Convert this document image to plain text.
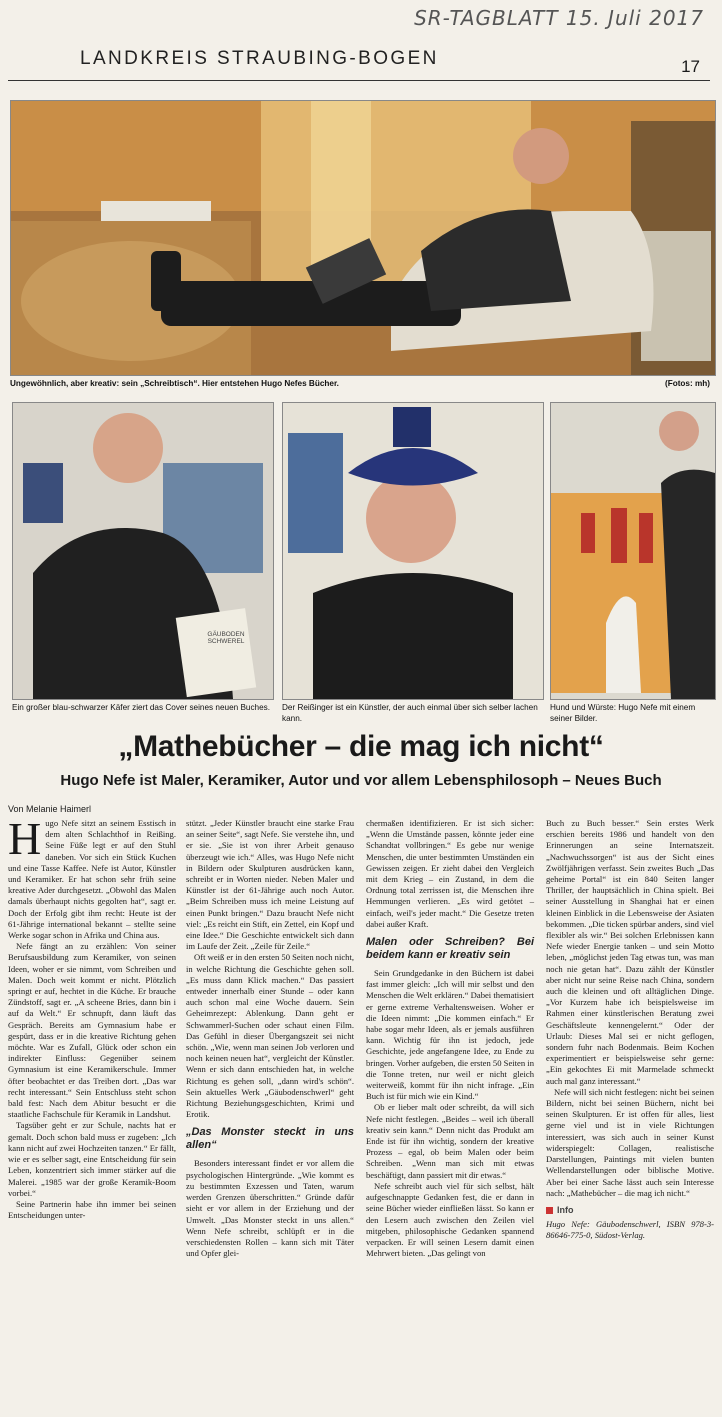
SR-TAGBLATT 15. Juli 2017
LANDKREIS STRAUBING-BOGEN	17
Ungewöhnlich, aber kreativ: sein „Schreibtisch“. Hier entstehen Hugo Nefes Bücher.	(Fotos: mh)
GÄUBODEN SCHWEREL
Ein großer blau-schwarzer Käfer ziert das Cover seines neuen Buches.	Der Reißinger ist ein Künstler, der auch einmal über sich selber lachen kann.
Hund und Würste: Hugo Nefe mit einem seiner Bilder.
„Mathebücher – die mag ich nicht“
Hugo Nefe ist Maler, Keramiker, Autor und vor allem Lebensphilosoph – Neues Buch
Von Melanie Haimerl

Hugo Nefe sitzt an seinem Esstisch in dem alten Schlachthof in Reißing. Seine Füße legt er auf den Stuhl daneben. Vor sich ein Stück Kuchen und eine Tasse Kaffee. Nefe ist Autor, Künstler und Keramiker. Er hat schon sehr früh seine kreative Ader durchgesetzt. „Obwohl das Malen damals überhaupt nichts gegolten hat“, sagt er. Doch der Erfolg gibt ihm recht: Heute ist der 61-Jährige international bekannt – stellte seine Werke sogar schon in Afrika und China aus.

Nefe fängt an zu erzählen: Von seiner Berufsausbildung zum Keramiker, von seinen Ideen, woher er sie nimmt, vom Schreiben und Malen. Doch weit kommt er nicht. Plötzlich springt er auf, hechtet in die Küche. Er brauche Zündstoff, sagt er. „A scheene Bries, dann bin i auf da Welt.“ Er schnupft, dann läuft das Gespräch. Bereits am Gymnasium habe er gespürt, dass er in die kreative Richtung gehen möchte. War es Zufall, Glück oder schon ein indirekter Einfluss: Gegenüber seinem Gymnasium ist eine Keramikerschule. Immer öfter beobachtet er das Treiben dort. „Das war recht interessant.“ Sein Entschluss steht schon bald fest: Nach dem Abitur besucht er die staatliche Fachschule für Keramik in Landshut.

Tagsüber geht er zur Schule, nachts hat er gemalt. Doch schon bald muss er zugeben: „Ich kann nicht auf zwei Hochzeiten tanzen.“ Er fällt, wie er es selber sagt, eine Entscheidung für sein Leben, konzentriert sich immer stärker auf die Malerei. „1985 war der große Keramik-Boom vorbei.“

Seine Partnerin habe ihn immer bei seinen Entscheidungen unter-

stützt. „Jeder Künstler braucht eine starke Frau an seiner Seite“, sagt Nefe. Sie verstehe ihn, und er sie. „Sie ist von ihrer Arbeit genauso überzeugt wie ich.“ Alles, was Hugo Nefe nicht in Bildern oder Skulpturen ausdrücken kann, schreibt er in Worten nieder. Neben Maler und Künstler ist der 61-Jährige auch noch Autor. „Beim Schreiben muss ich meine Leistung auf einen Punkt bringen.“ Dazu braucht Nefe nicht viel: „Es reicht ein Stift, ein Zettel, ein Kopf und eine Idee.“ Die Geschichte entwickelt sich dann im Laufe der Zeit. „Zeile für Zeile.“

Oft weiß er in den ersten 50 Seiten noch nicht, in welche Richtung die Geschichte gehen soll. „Es muss dann Klick machen.“ Das passiert entweder innerhalb einer Stunde – oder kann auch schon mal eine Woche dauern. Sein Geheimrezept: Ablenkung. Dann geht er Schwammerl-Suchen oder schaut einen Film. Das Gefühl in dieser Übergangszeit sei nicht schön. „Wie, wenn man seinen Job verloren und noch keinen neuen hat“, vergleicht der Künstler. Wenn er sich dann entschieden hat, in welche Richtung es gehen soll, „dann wird's schön“. Sein aktuelles Werk „Gäubodenschwerl“ geht Richtung Beziehungsgeschichten, Krimi und Erotik.

„Das Monster steckt in uns allen“

Besonders interessant findet er vor allem die psychologischen Hintergründe. „Wie kommt es zu bestimmten Exzessen und Taten, warum werden Grenzen überschritten.“ Gründe dafür sieht er vor allem in der Erziehung und der Umwelt. „Das Monster steckt in uns allen.“ Wenn Nefe schreibt, schlüpft er in die verschiedensten Rollen – kann sich mit Täter und Opfer glei-

chermaßen identifizieren. Er ist sich sicher: „Wenn die Umstände passen, könnte jeder eine Schandtat vollbringen.“ Es gebe nur wenige Menschen, die unter bestimmten Umständen ein Gewissen zeigen. Er zieht dabei den Vergleich mit dem Krieg – ein Zustand, in dem die Ordnung total zerrissen ist, die Menschen ihre Hemmungen verlieren. „Es wird getötet – einfach, weil's jeder macht.“ Die Gesetze treten dabei außer Kraft.

Malen oder Schreiben? Bei beidem kann er kreativ sein

Sein Grundgedanke in den Büchern ist dabei fast immer gleich: „Ich will mir selbst und den Menschen die Welt erklären.“ Dabei thematisiert er gerne extreme Verhaltensweisen. Woher er die Ideen nimmt: „Die kommen einfach.“ Er habe sogar mehr Ideen, als er jemals ausführen kann. Wichtig für ihn ist jedoch, jede Geschichte, jede angefangene Idee, zu Ende zu bringen. Vorher aufgeben, die ersten 50 Seiten in die Tonne treten, nur weil er nicht gleich weiterweiß, kommt für ihn nicht infrage. „Ein Buch ist für mich wie ein Kind.“

Ob er lieber malt oder schreibt, da will sich Nefe nicht festlegen. „Beides – weil ich überall kreativ sein kann.“ Denn nicht das Produkt am Ende ist für ihn wichtig, sondern der kreative Prozess – egal, ob beim Malen oder beim Schreiben. „Wenn man sich mit etwas beschäftigt, dann passiert mit dir etwas.“

Nefe schreibt auch viel für sich selbst, hält aufgeschnappte Gedanken fest, die er dann in seine Bücher wieder einfließen lässt. So kann er den Lesern auch zwischen den Zeilen viel mitgeben, philosophische Gedanken spannend verpacken. Er will seinen Lesern damit einen Mehrwert bieten. „Das gelingt von

Buch zu Buch besser.“ Sein erstes Werk erschien bereits 1986 und handelt von den Erinnerungen an seine Internatszeit. „Nachwuchssorgen“ ist aus der Sicht eines Zwölfjährigen verfasst. Sein zweites Buch „Das geheime Portal“ ist ein 840 Seiten langer Thriller, der hauptsächlich in China spielt. Bei seiner Ausstellung in Shanghai hat er einen kleinen Einblick in die Lebensweise der Asiaten bekommen. „Die ticken spürbar anders, sind viel flexibler als wir.“ Bei solchen Erlebnissen kann Nefe wieder Energie tanken – und sein Motto leben, „möglichst jeden Tag etwas tun, was man noch nie getan hat“. Dazu zählt der Künstler aber nicht nur seine Reise nach China, sondern auch die kleinen und oft alltäglichen Dinge. „Vor Kurzem habe ich beispielsweise im Rahmen einer künstlerischen Beratung zwei Geschäftsleute kennengelernt.“ Oder der Urlaub: Dieses Mal sei er nicht geflogen, sondern fuhr nach Bodenmais. Beim Kochen experimentiert er beispielsweise sehr gerne: „Ein gekochtes Ei mit Marmelade schmeckt auch mal ganz interessant.“

Nefe will sich nicht festlegen: nicht bei seinen Bildern, nicht bei seinen Büchern, nicht bei seinen Skulpturen. Er ist offen für alles, liest gerne viel und ist in viele Richtungen interessiert, was sich auch in seiner Kunst widerspiegelt: Collagen, realistische Darstellungen, Paintings mit vielen bunten Wellendarstellungen oder biblische Motive. Aber bei einer Sache lässt auch sein Interesse nach: „Mathebücher – die mag ich nicht.“

Info
Hugo Nefe: Gäubodenschwerl, ISBN 978-3-86646-775-0, Südost-Verlag.
